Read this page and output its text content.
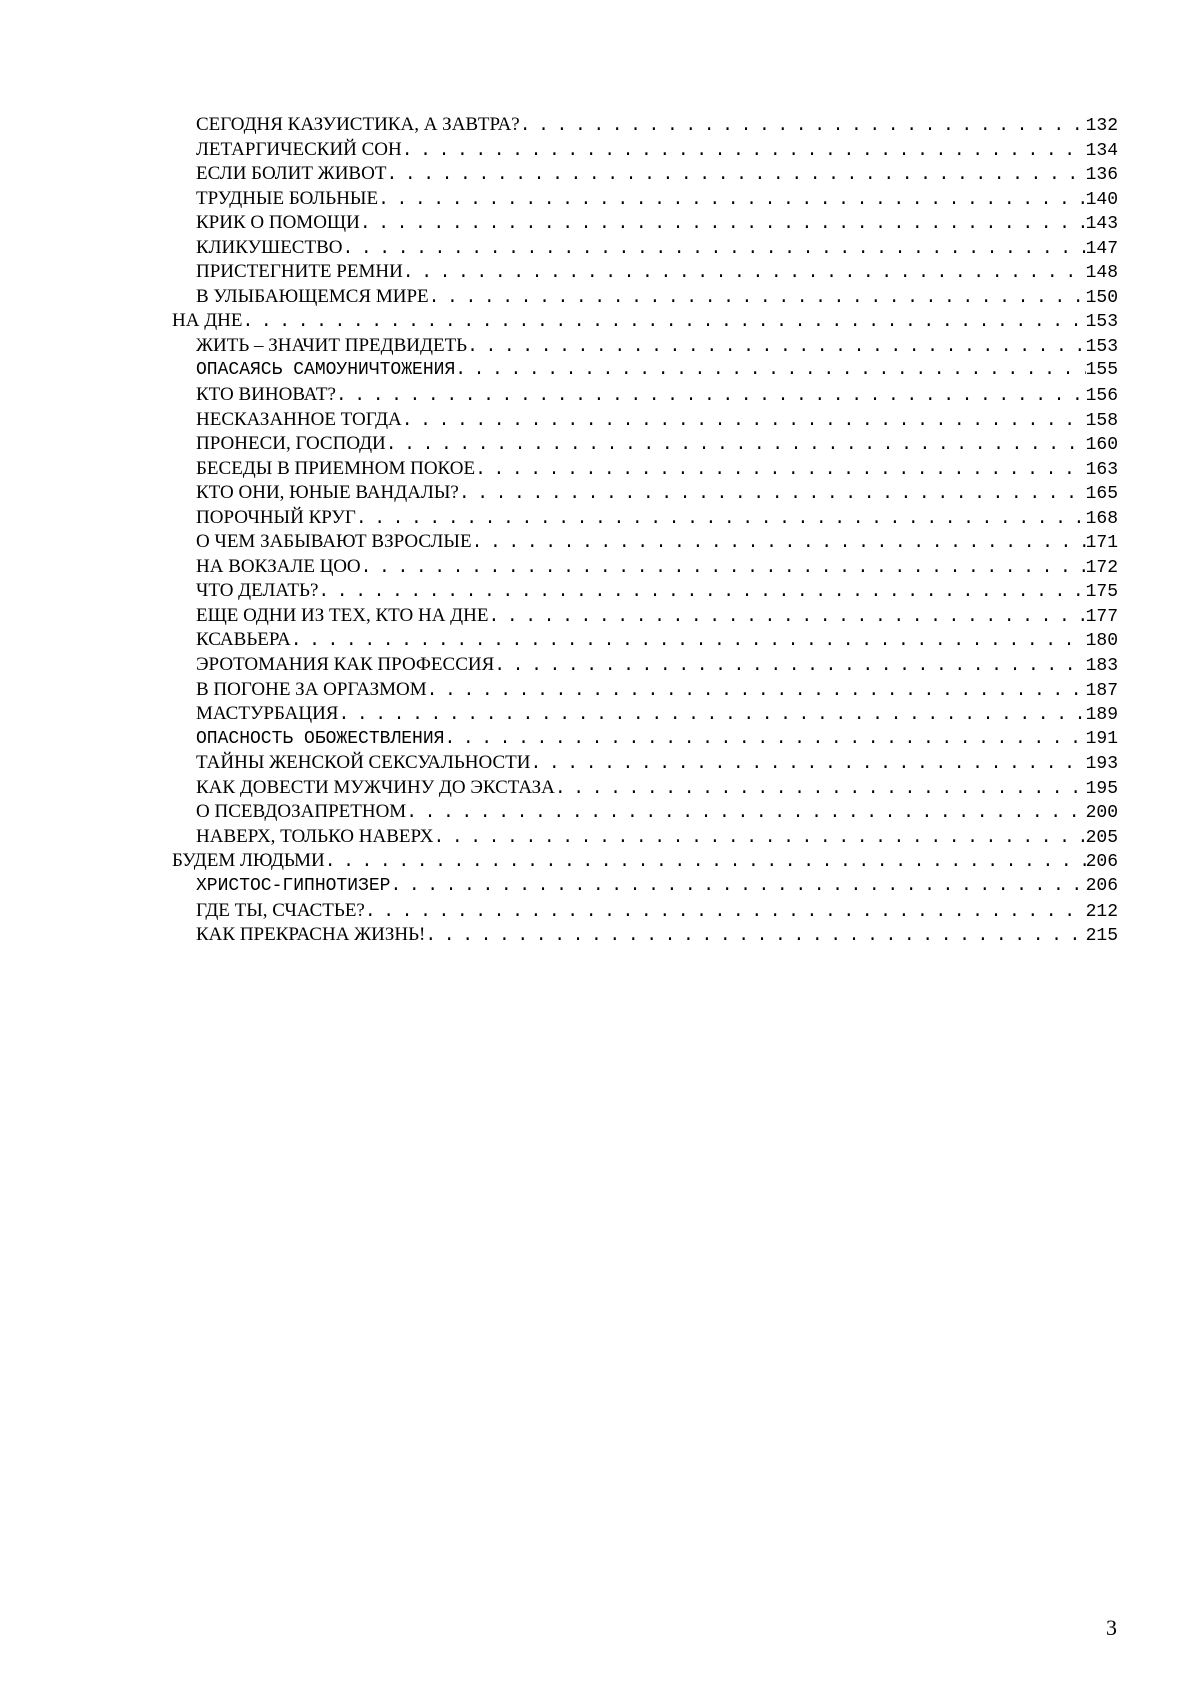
СЕГОДНЯ КАЗУИСТИКА, А ЗАВТРА? . . .	132
ЛЕТАРГИЧЕСКИЙ СОН . . .	134
ЕСЛИ БОЛИТ ЖИВОТ . . .	136
ТРУДНЫЕ БОЛЬНЫЕ . . .	140
КРИК О ПОМОЩИ . . .	143
КЛИКУШЕСТВО . . .	147
ПРИСТЕГНИТЕ РЕМНИ . . .	148
В УЛЫБАЮЩЕМСЯ МИРЕ . . .	150
НА ДНЕ . . .	153
ЖИТЬ – ЗНАЧИТ ПРЕДВИДЕТЬ . . .	153
ОПАСАЯСЬ САМОУНИЧТОЖЕНИЯ . . .	155
КТО ВИНОВАТ? . . .	156
НЕСКАЗАННОЕ ТОГДА . . .	158
ПРОНЕСИ, ГОСПОДИ . . .	160
БЕСЕДЫ В ПРИЕМНОМ ПОКОЕ . . .	163
КТО ОНИ, ЮНЫЕ ВАНДАЛЫ? . . .	165
ПОРОЧНЫЙ КРУГ . . .	168
О ЧЕМ ЗАБЫВАЮТ ВЗРОСЛЫЕ . . .	171
НА ВОКЗАЛЕ ЦОО . . .	172
ЧТО ДЕЛАТЬ? . . .	175
ЕЩЕ ОДНИ ИЗ ТЕХ, КТО НА ДНЕ . . .	177
КСАВЬЕРА . . .	180
ЭРОТОМАНИЯ КАК ПРОФЕССИЯ . . .	183
В ПОГОНЕ ЗА ОРГАЗМОМ . . .	187
МАСТУРБАЦИЯ . . .	189
ОПАСНОСТЬ ОБОЖЕСТВЛЕНИЯ . . .	191
ТАЙНЫ ЖЕНСКОЙ СЕКСУАЛЬНОСТИ . . .	193
КАК ДОВЕСТИ МУЖЧИНУ ДО ЭКСТАЗА . . .	195
О ПСЕВДОЗАПРЕТНОМ . . .	200
НАВЕРХ, ТОЛЬКО НАВЕРХ . . .	205
БУДЕМ ЛЮДЬМИ . . .	206
ХРИСТОС-ГИПНОТИЗЕР . . .	206
ГДЕ ТЫ, СЧАСТЬЕ? . . .	212
КАК ПРЕКРАСНА ЖИЗНЬ! . . .	215
3
